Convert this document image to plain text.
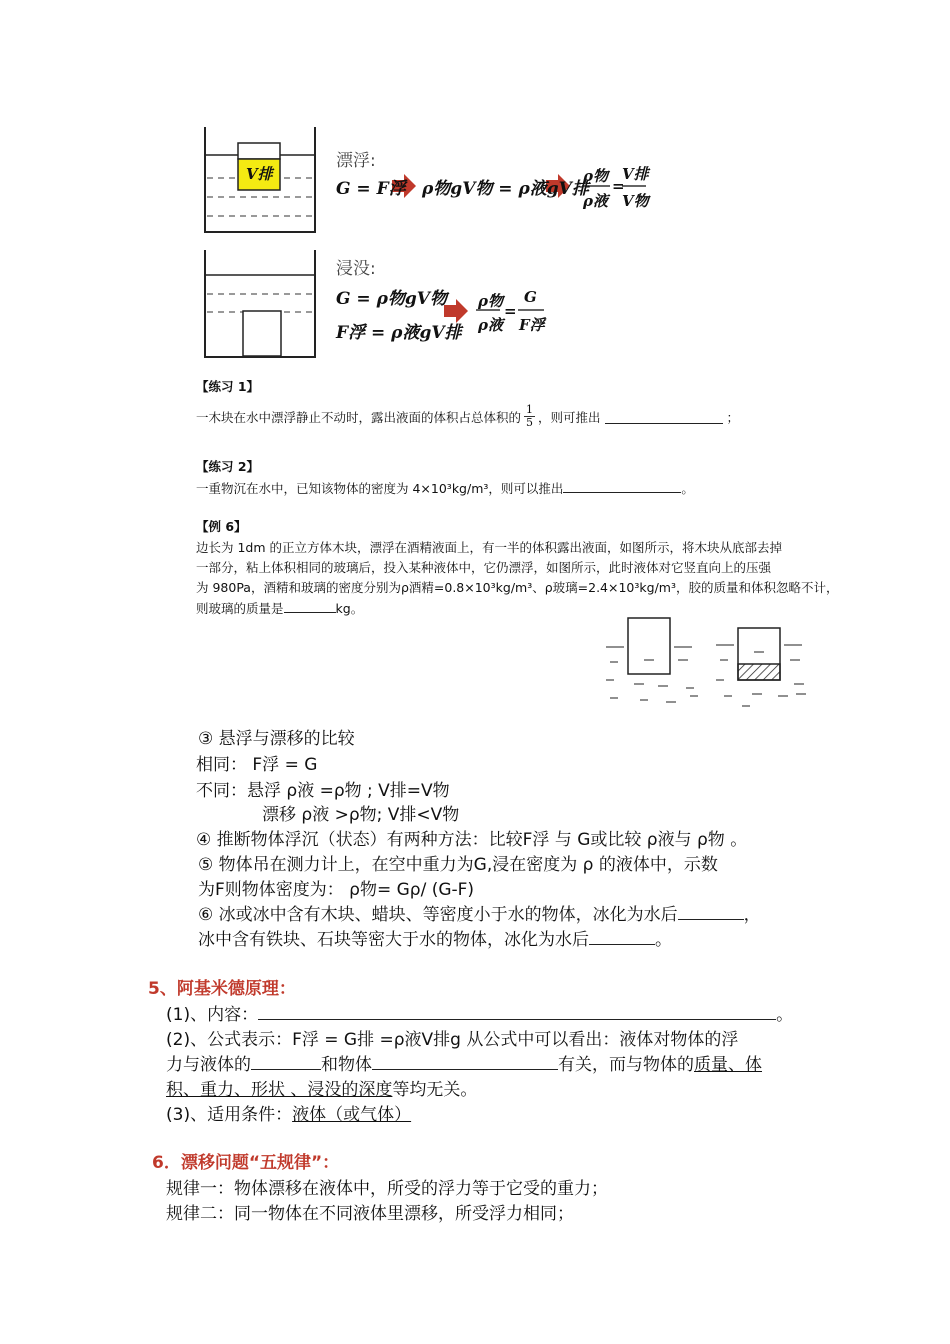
V排
漂浮:
G = F浮 ρ物gV物 = ρ液gV排
ρ物
ρ液
=
V排
V物
浸没:
G = ρ物gV物
F浮 = ρ液gV排
ρ物
ρ液
=
G
F浮
【练习 1】
一木块在水中漂浮静止不动时，露出液面的体积占总体积的 $\frac{1}{5}$ ，则可推出	；
【练习 2】
一重物沉在水中，已知该物体的密度为 4×10³kg/m³，则可以推出	。
【例 6】
边长为 1dm 的正立方体木块，漂浮在酒精液面上，有一半的体积露出液面，如图所示，将木块从底部去掉
一部分，粘上体积相同的玻璃后，投入某种液体中，它仍漂浮，如图所示，此时液体对它竖直向上的压强
为 980Pa，酒精和玻璃的密度分别为ρ酒精=0.8×10³kg/m³、ρ玻璃=2.4×10³kg/m³，胶的质量和体积忽略不计，
则玻璃的质量是	kg。
③ 悬浮与漂移的比较
相同： F浮 = G
不同：悬浮 ρ液 =ρ物 ; V排=V物
漂移 ρ液 >ρ物; V排<V物
④ 推断物体浮沉（状态）有两种方法：比较F浮 与 G或比较 ρ液与 ρ物 。
⑤ 物体吊在测力计上，在空中重力为G,浸在密度为 ρ 的液体中，示数
为F则物体密度为： ρ物= Gρ/ (G-F)
⑥ 冰或冰中含有木块、蜡块、等密度小于水的物体，冰化为水后	，
冰中含有铁块、石块等密大于水的物体，冰化为水后	。
5、阿基米德原理：
(1)、内容：	。
(2)、公式表示：F浮 = G排 =ρ液V排g 从公式中可以看出：液体对物体的浮
力与液体的	和物体	有关，而与物体的质量、体
积、重力、形状 、浸没的深度等均无关。
(3)、适用条件：液体（或气体）
6．漂移问题“五规律”：
规律一：物体漂移在液体中，所受的浮力等于它受的重力；
规律二：同一物体在不同液体里漂移，所受浮力相同；
